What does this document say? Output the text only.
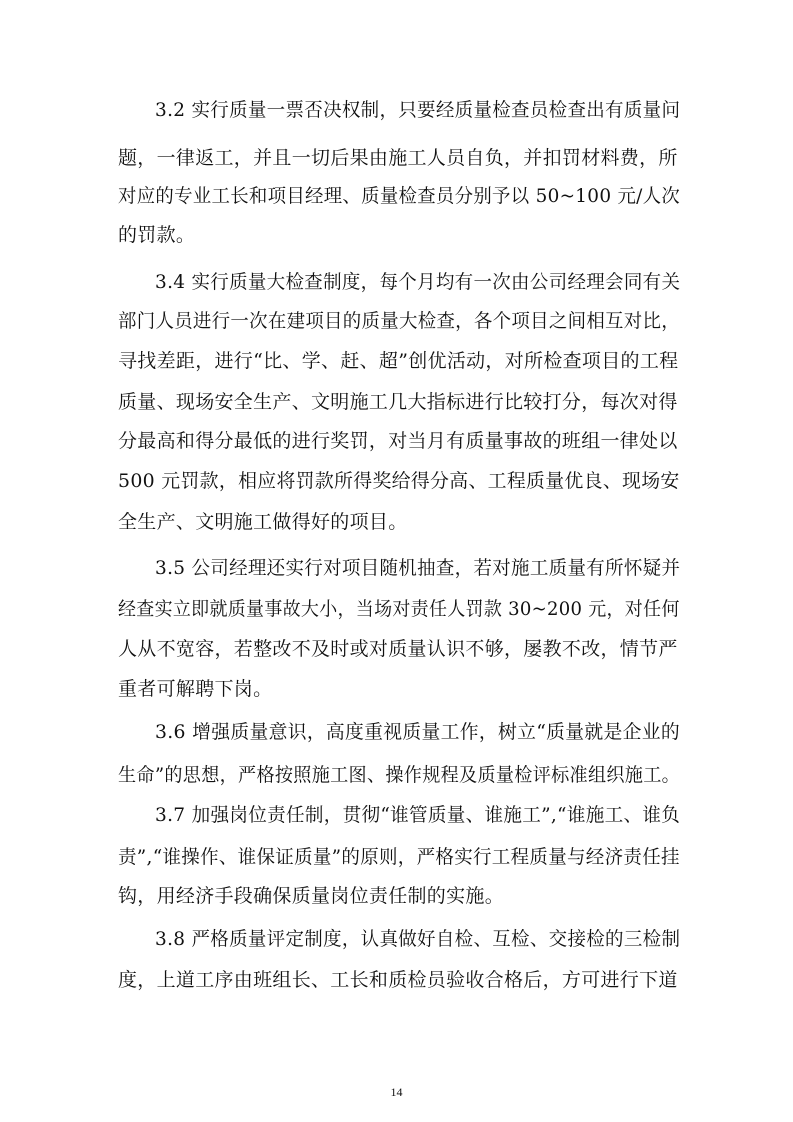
3.2 实行质量一票否决权制，只要经质量检查员检查出有质量问
题，一律返工，并且一切后果由施工人员自负，并扣罚材料费，所
对应的专业工长和项目经理、质量检查员分别予以 50~100 元/人次
的罚款。
3.4 实行质量大检查制度，每个月均有一次由公司经理会同有关
部门人员进行一次在建项目的质量大检查，各个项目之间相互对比，
寻找差距，进行“比、学、赶、超”创优活动，对所检查项目的工程
质量、现场安全生产、文明施工几大指标进行比较打分，每次对得
分最高和得分最低的进行奖罚，对当月有质量事故的班组一律处以
500 元罚款，相应将罚款所得奖给得分高、工程质量优良、现场安
全生产、文明施工做得好的项目。
3.5 公司经理还实行对项目随机抽查，若对施工质量有所怀疑并
经查实立即就质量事故大小，当场对责任人罚款 30~200 元，对任何
人从不宽容，若整改不及时或对质量认识不够，屡教不改，情节严
重者可解聘下岗。
3.6 增强质量意识，高度重视质量工作，树立“质量就是企业的
生命”的思想，严格按照施工图、操作规程及质量检评标准组织施工。
3.7 加强岗位责任制，贯彻“谁管质量、谁施工”,“谁施工、谁负
责”,“谁操作、谁保证质量”的原则，严格实行工程质量与经济责任挂
钩，用经济手段确保质量岗位责任制的实施。
3.8 严格质量评定制度，认真做好自检、互检、交接检的三检制
度，上道工序由班组长、工长和质检员验收合格后，方可进行下道
14
